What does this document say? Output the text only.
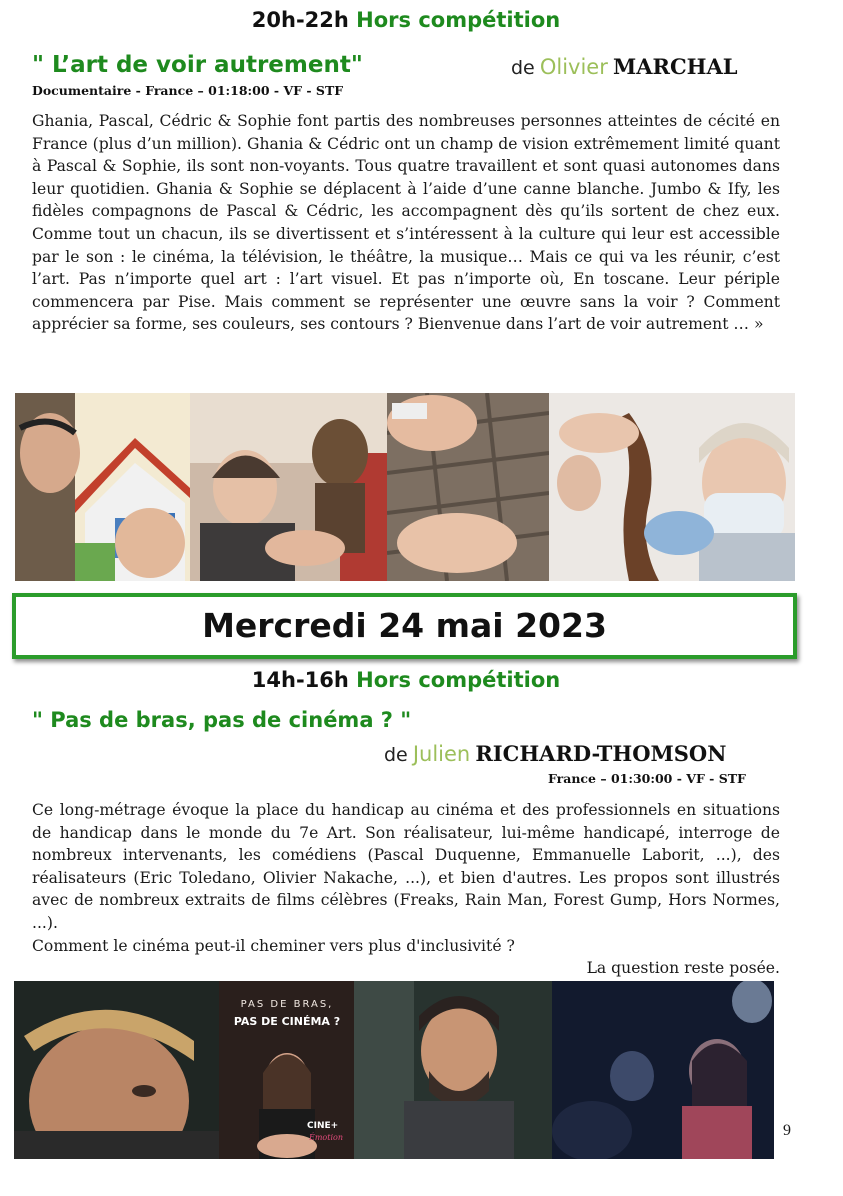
20h-22h Hors compétition
" L’art de voir autrement"	de Olivier MARCHAL
Documentaire - France – 01:18:00 - VF - STF
Ghania, Pascal, Cédric & Sophie font partis des nombreuses personnes atteintes de cécité en France (plus d’un million). Ghania & Cédric ont un champ de vision extrêmement limité quant à Pascal & Sophie, ils sont non-voyants. Tous quatre travaillent et sont quasi autonomes dans leur quotidien. Ghania & Sophie se déplacent à l’aide d’une canne blanche. Jumbo & Ify, les fidèles compagnons de Pascal & Cédric, les accompagnent dès qu’ils sortent de chez eux. Comme tout un chacun, ils se divertissent et s’intéressent à la culture qui leur est accessible par le son : le cinéma, la télévision, le théâtre, la musique… Mais ce qui va les réunir, c’est l’art. Pas n’importe quel art : l’art visuel. Et pas n’importe où, En toscane. Leur périple commencera par Pise. Mais comment se représenter une œuvre sans la voir ? Comment apprécier sa forme, ses couleurs, ses contours ? Bienvenue dans l’art de voir autrement … »
Mercredi 24 mai 2023
14h-16h Hors compétition
" Pas de bras, pas de cinéma ? "
de Julien RICHARD-THOMSON
France – 01:30:00 - VF - STF
Ce long-métrage évoque la place du handicap au cinéma et des professionnels en situations de handicap dans le monde du 7e Art. Son réalisateur, lui-même handicapé, interroge de nombreux intervenants, les comédiens (Pascal Duquenne, Emmanuelle Laborit, ...), des réalisateurs (Eric Toledano, Olivier Nakache, ...), et bien d'autres. Les propos sont illustrés avec de nombreux extraits de films célèbres (Freaks, Rain Man, Forest Gump, Hors Normes, ...).
Comment le cinéma peut-il cheminer vers plus d'inclusivité ?
La question reste posée.
PAS DE BRAS,
PAS DE CINÉMA ?
CINE+
Émotion	9
